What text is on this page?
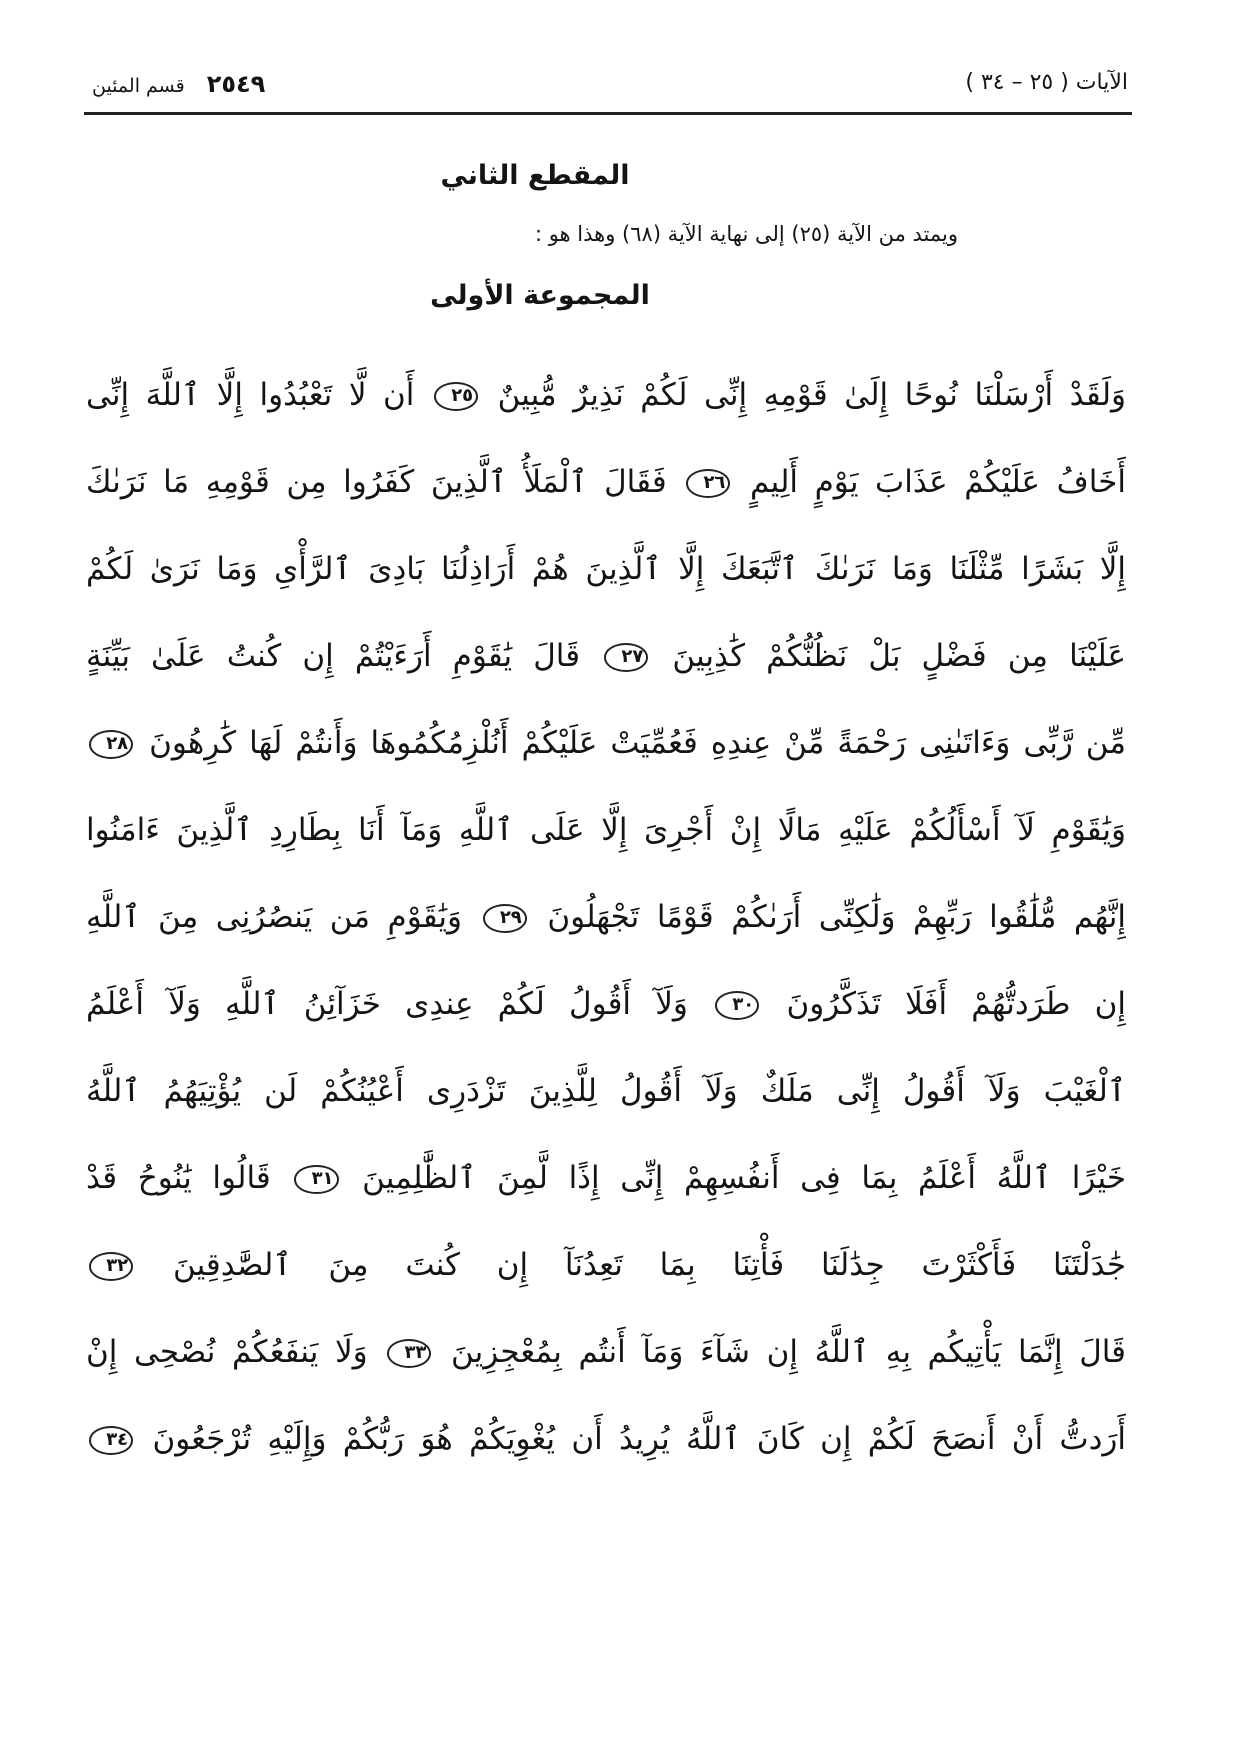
الآيات ( ٢٥ – ٣٤ )
٢٥٤٩
قسم المئين
المقطع الثاني
ويمتد من الآية (٢٥) إلى نهاية الآية (٦٨) وهذا هو :
المجموعة الأولى
وَلَقَدْ أَرْسَلْنَا نُوحًا إِلَىٰ قَوْمِهِ إِنِّى لَكُمْ نَذِيرٌ مُّبِينٌ ٢٥ أَن لَّا تَعْبُدُوا إِلَّا ٱللَّهَ إِنِّى
أَخَافُ عَلَيْكُمْ عَذَابَ يَوْمٍ أَلِيمٍ ٢٦ فَقَالَ ٱلْمَلَأُ ٱلَّذِينَ كَفَرُوا مِن قَوْمِهِ مَا نَرَىٰكَ
إِلَّا بَشَرًا مِّثْلَنَا وَمَا نَرَىٰكَ ٱتَّبَعَكَ إِلَّا ٱلَّذِينَ هُمْ أَرَاذِلُنَا بَادِىَ ٱلرَّأْىِ وَمَا نَرَىٰ لَكُمْ
عَلَيْنَا مِن فَضْلٍ بَلْ نَظُنُّكُمْ كَٰذِبِينَ ٢٧ قَالَ يَٰقَوْمِ أَرَءَيْتُمْ إِن كُنتُ عَلَىٰ بَيِّنَةٍ
مِّن رَّبِّى وَءَاتَىٰنِى رَحْمَةً مِّنْ عِندِهِ فَعُمِّيَتْ عَلَيْكُمْ أَنُلْزِمُكُمُوهَا وَأَنتُمْ لَهَا كَٰرِهُونَ ٢٨
وَيَٰقَوْمِ لَآ أَسْأَلُكُمْ عَلَيْهِ مَالًا إِنْ أَجْرِىَ إِلَّا عَلَى ٱللَّهِ وَمَآ أَنَا بِطَارِدِ ٱلَّذِينَ ءَامَنُوا
إِنَّهُم مُّلَٰقُوا رَبِّهِمْ وَلَٰكِنِّى أَرَىٰكُمْ قَوْمًا تَجْهَلُونَ ٢٩ وَيَٰقَوْمِ مَن يَنصُرُنِى مِنَ ٱللَّهِ
إِن طَرَدتُّهُمْ أَفَلَا تَذَكَّرُونَ ٣٠ وَلَآ أَقُولُ لَكُمْ عِندِى خَزَآئِنُ ٱللَّهِ وَلَآ أَعْلَمُ
ٱلْغَيْبَ وَلَآ أَقُولُ إِنِّى مَلَكٌ وَلَآ أَقُولُ لِلَّذِينَ تَزْدَرِى أَعْيُنُكُمْ لَن يُؤْتِيَهُمُ ٱللَّهُ
خَيْرًا ٱللَّهُ أَعْلَمُ بِمَا فِى أَنفُسِهِمْ إِنِّى إِذًا لَّمِنَ ٱلظَّٰلِمِينَ ٣١ قَالُوا يَٰنُوحُ قَدْ
جَٰدَلْتَنَا فَأَكْثَرْتَ جِدَٰلَنَا فَأْتِنَا بِمَا تَعِدُنَآ إِن كُنتَ مِنَ ٱلصَّٰدِقِينَ ٣٢
قَالَ إِنَّمَا يَأْتِيكُم بِهِ ٱللَّهُ إِن شَآءَ وَمَآ أَنتُم بِمُعْجِزِينَ ٣٣ وَلَا يَنفَعُكُمْ نُصْحِى إِنْ
أَرَدتُّ أَنْ أَنصَحَ لَكُمْ إِن كَانَ ٱللَّهُ يُرِيدُ أَن يُغْوِيَكُمْ هُوَ رَبُّكُمْ وَإِلَيْهِ تُرْجَعُونَ ٣٤
